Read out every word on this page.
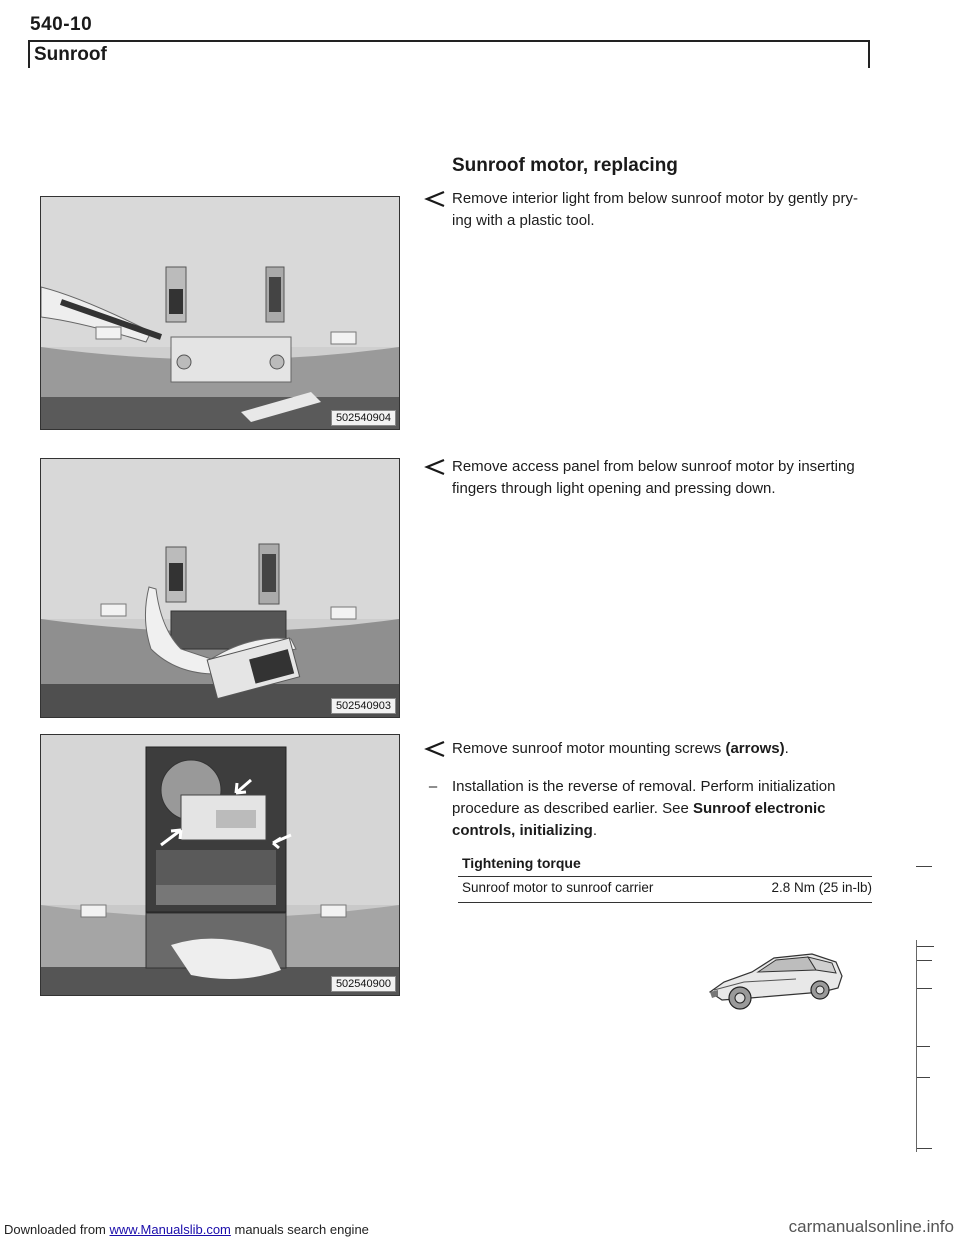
540-10
Sunroof
Sunroof motor, replacing
502540904
502540903
502540900
Remove interior light from below sunroof motor by gently pry-
ing with a plastic tool.
Remove access panel from below sunroof motor by inserting
fingers through light opening and pressing down.
Remove sunroof motor mounting screws (arrows).
– Installation is the reverse of removal. Perform initialization
procedure as described earlier. See Sunroof electronic
controls, initializing.
Tightening torque
Sunroof motor to sunroof carrier	2.8 Nm (25 in-lb)
Downloaded from www.Manualslib.com manuals search engine	carmanualsonline.info
